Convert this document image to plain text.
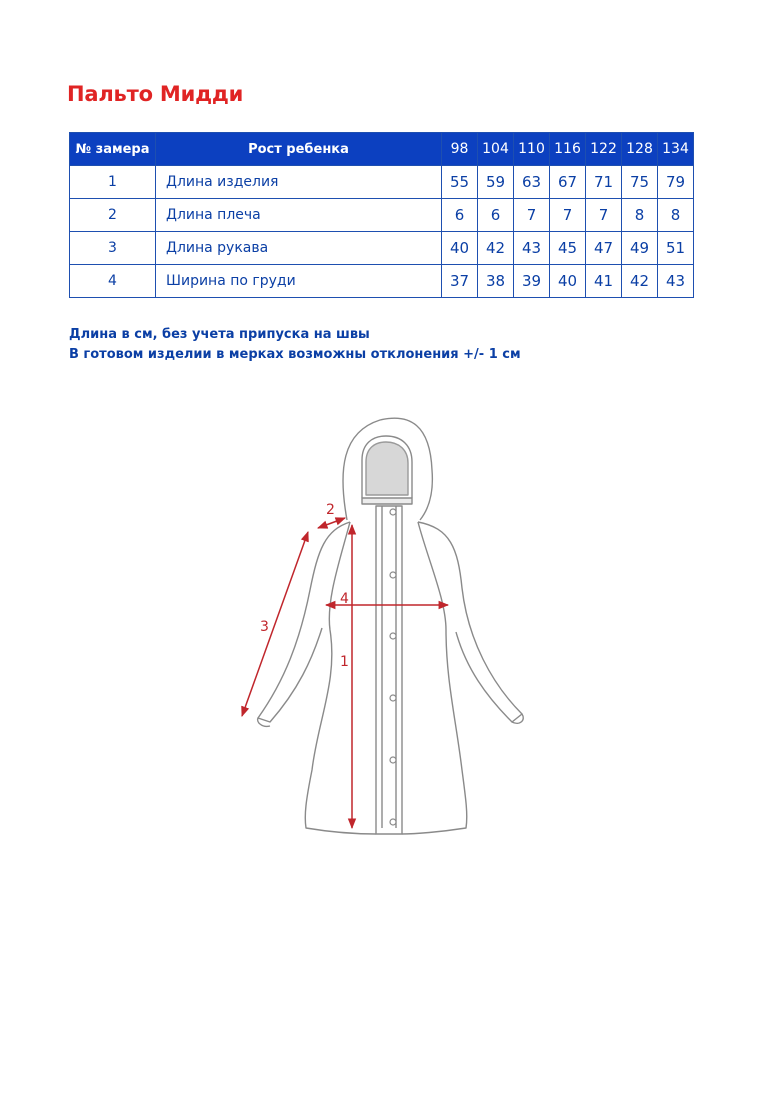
Пальто Мидди
№ замера	Рост ребенка	98	104	110	116	122	128	134
1	Длина изделия	55	59	63	67	71	75	79
2	Длина плеча	6	6	7	7	7	8	8
3	Длина рукава	40	42	43	45	47	49	51
4	Ширина по груди	37	38	39	40	41	42	43
Длина в см, без учета припуска на швы
В готовом изделии в мерках возможны отклонения +/- 1 см
1
2
3
4
